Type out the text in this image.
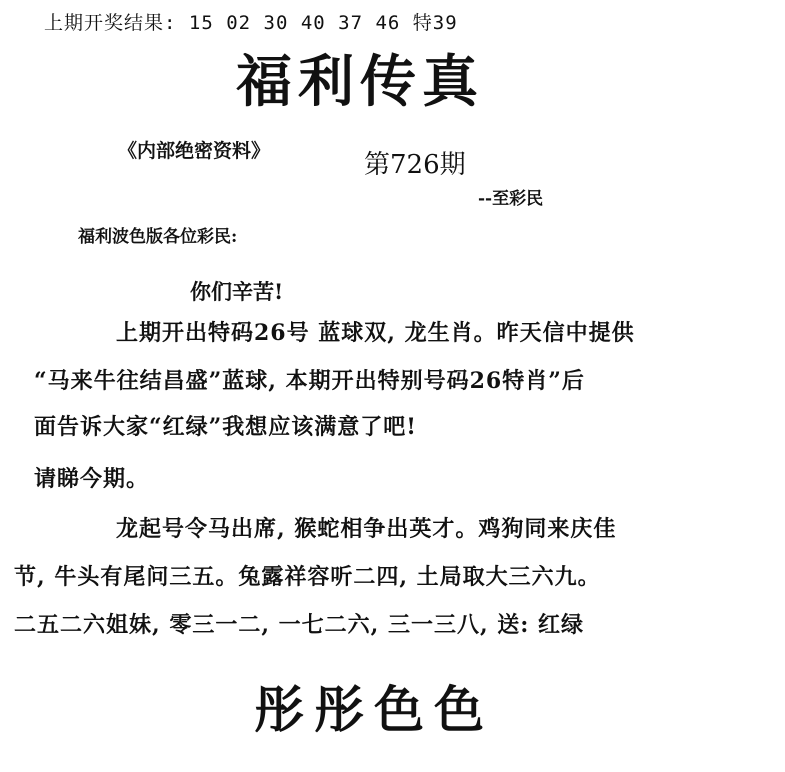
上期开奖结果: 15 02 30 40 37 46 特39
福利传真
《内部绝密资料》	第726期
--至彩民
福利波色版各位彩民:
你们辛苦!
上期开出特码26号 蓝球双, 龙生肖。昨天信中提供
“马来牛往结昌盛”蓝球, 本期开出特别号码26特肖”后
面告诉大家“红绿”我想应该满意了吧!
请睇今期。
龙起号令马出席, 猴蛇相争出英才。鸡狗同来庆佳
节, 牛头有尾问三五。兔露祥容听二四, 土局取大三六九。
二五二六姐妹, 零三一二, 一七二六, 三一三八, 送: 红绿
彤彤色色
